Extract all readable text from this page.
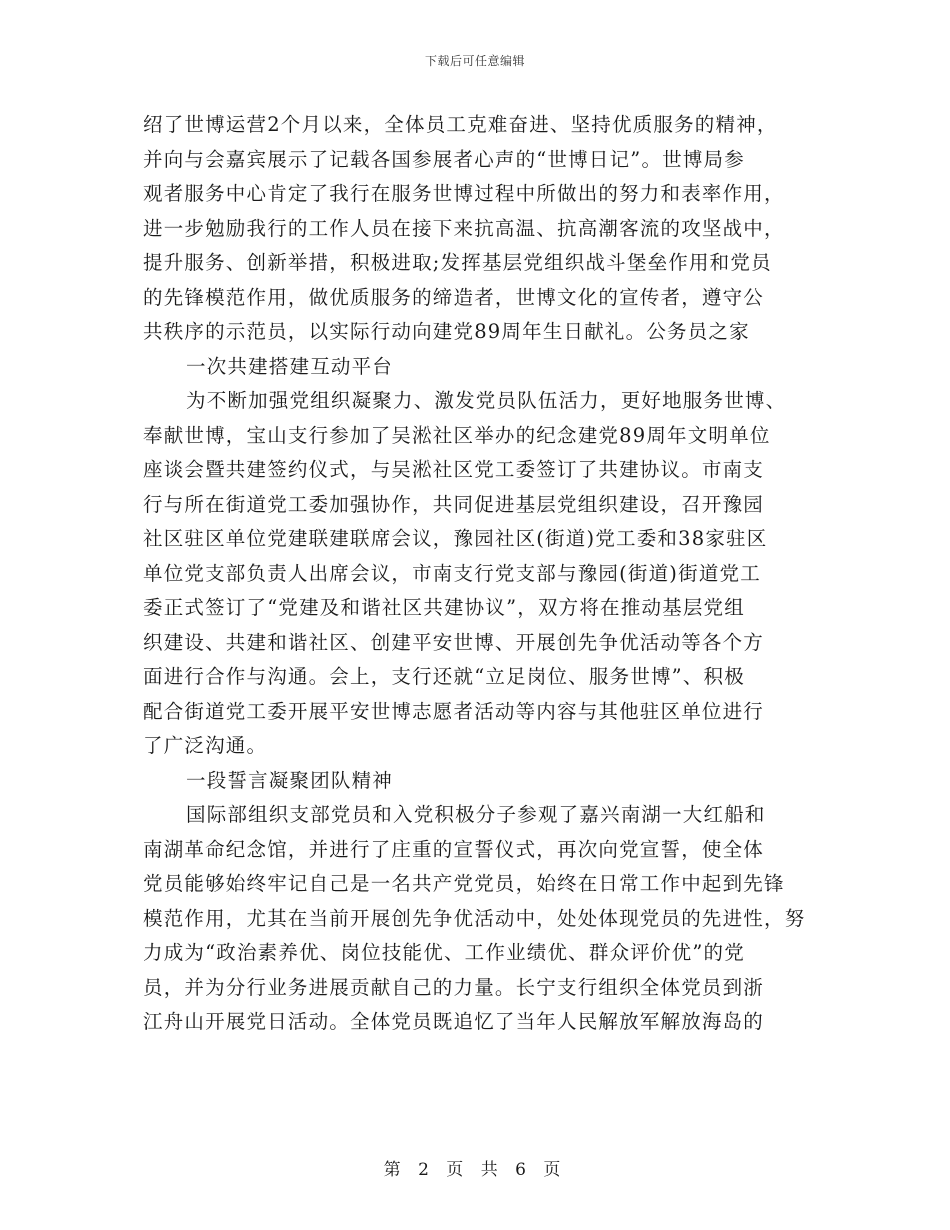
下载后可任意编辑
绍了世博运营2个月以来，全体员工克难奋进、坚持优质服务的精神，
并向与会嘉宾展示了记载各国参展者心声的“世博日记”。世博局参
观者服务中心肯定了我行在服务世博过程中所做出的努力和表率作用，
进一步勉励我行的工作人员在接下来抗高温、抗高潮客流的攻坚战中，
提升服务、创新举措，积极进取;发挥基层党组织战斗堡垒作用和党员
的先锋模范作用，做优质服务的缔造者，世博文化的宣传者，遵守公
共秩序的示范员，以实际行动向建党89周年生日献礼。公务员之家
一次共建搭建互动平台
为不断加强党组织凝聚力、激发党员队伍活力，更好地服务世博、
奉献世博，宝山支行参加了吴淞社区举办的纪念建党89周年文明单位
座谈会暨共建签约仪式，与吴淞社区党工委签订了共建协议。市南支
行与所在街道党工委加强协作，共同促进基层党组织建设，召开豫园
社区驻区单位党建联建联席会议，豫园社区(街道)党工委和38家驻区
单位党支部负责人出席会议，市南支行党支部与豫园(街道)街道党工
委正式签订了“党建及和谐社区共建协议”，双方将在推动基层党组
织建设、共建和谐社区、创建平安世博、开展创先争优活动等各个方
面进行合作与沟通。会上，支行还就“立足岗位、服务世博”、积极
配合街道党工委开展平安世博志愿者活动等内容与其他驻区单位进行
了广泛沟通。
一段誓言凝聚团队精神
国际部组织支部党员和入党积极分子参观了嘉兴南湖一大红船和
南湖革命纪念馆，并进行了庄重的宣誓仪式，再次向党宣誓，使全体
党员能够始终牢记自己是一名共产党党员，始终在日常工作中起到先锋
模范作用，尤其在当前开展创先争优活动中，处处体现党员的先进性，努
力成为“政治素养优、岗位技能优、工作业绩优、群众评价优”的党
员，并为分行业务进展贡献自己的力量。长宁支行组织全体党员到浙
江舟山开展党日活动。全体党员既追忆了当年人民解放军解放海岛的
第 2 页 共 6 页
